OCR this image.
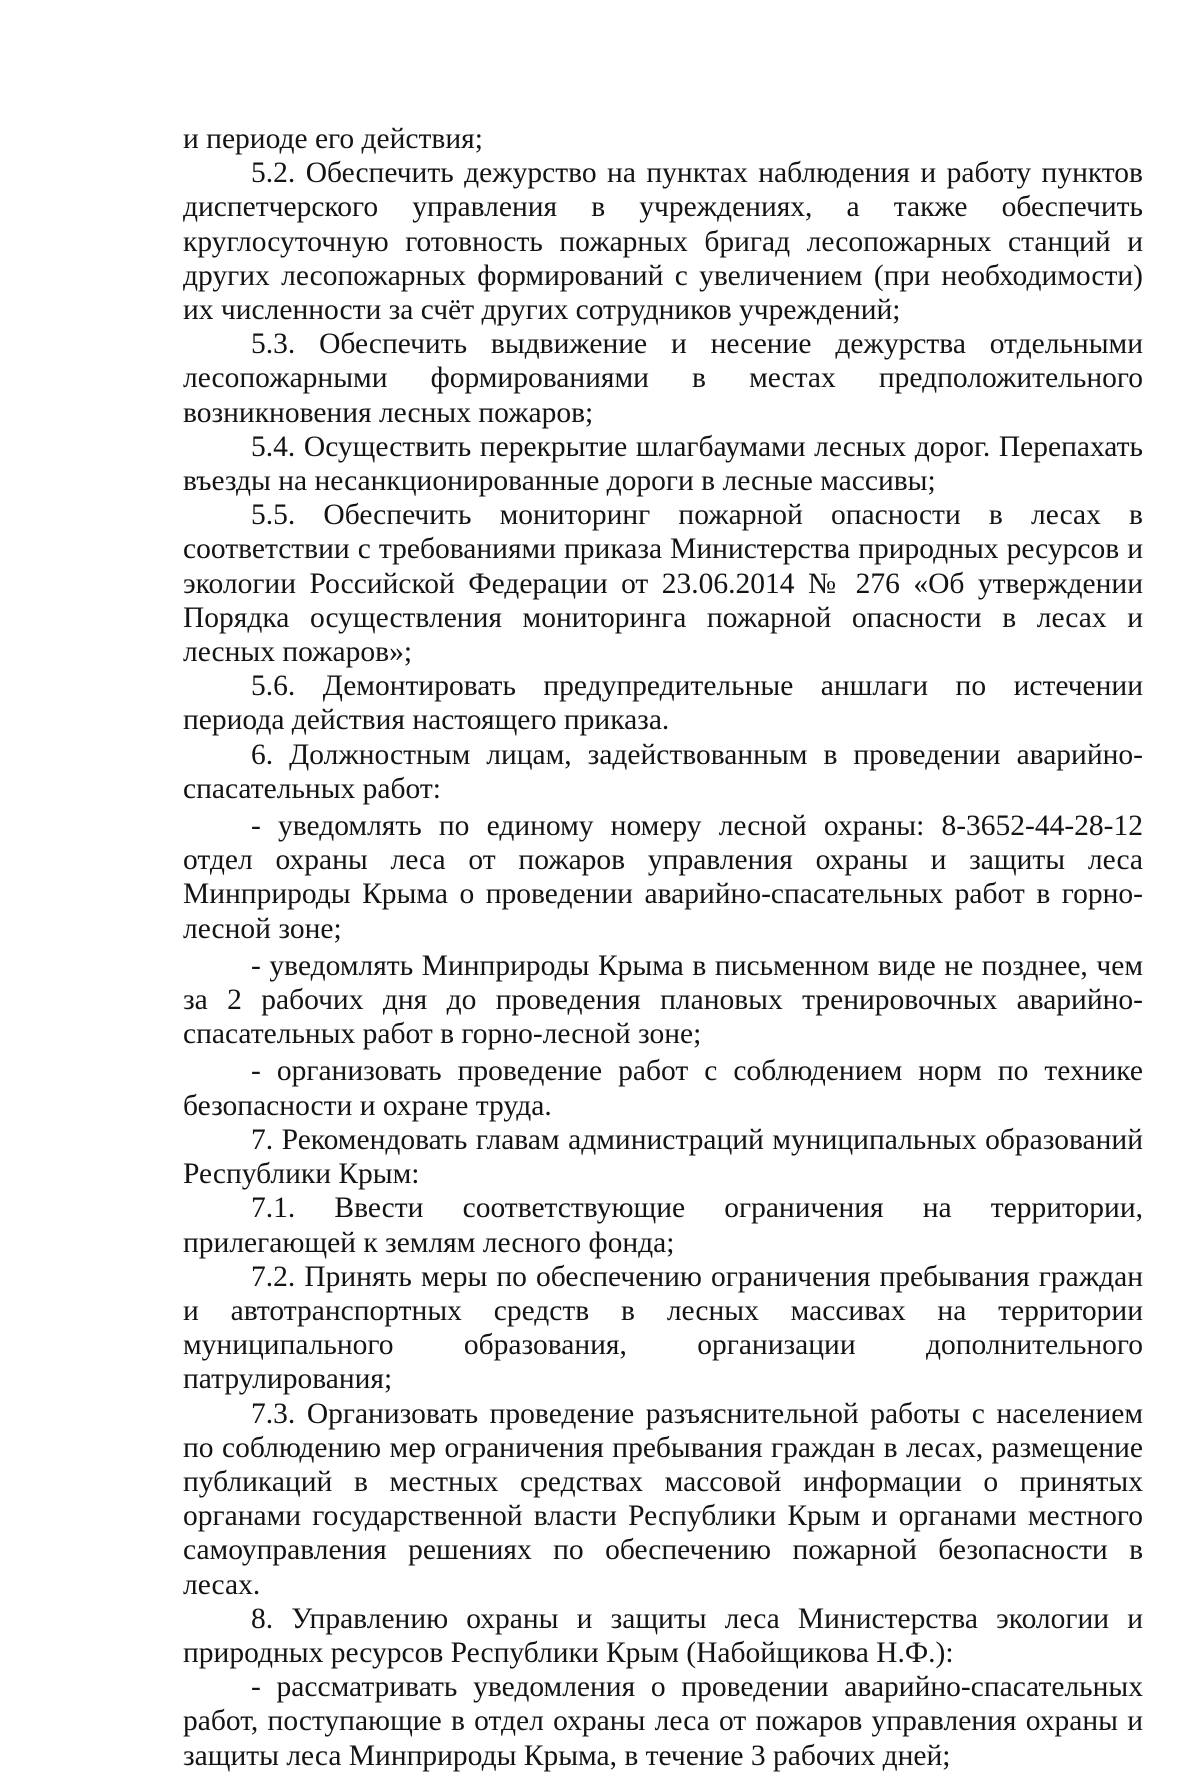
и периоде его действия;

5.2. Обеспечить дежурство на пунктах наблюдения и работу пунктов диспетчерского управления в учреждениях, а также обеспечить круглосуточную готовность пожарных бригад лесопожарных станций и других лесопожарных формирований с увеличением (при необходимости) их численности за счёт других сотрудников учреждений;

5.3. Обеспечить выдвижение и несение дежурства отдельными лесопожарными формированиями в местах предположительного возникновения лесных пожаров;

5.4. Осуществить перекрытие шлагбаумами лесных дорог. Перепахать въезды на несанкционированные дороги в лесные массивы;

5.5. Обеспечить мониторинг пожарной опасности в лесах в соответствии с требованиями приказа Министерства природных ресурсов и экологии Российской Федерации от 23.06.2014 № 276 «Об утверждении Порядка осуществления мониторинга пожарной опасности в лесах и лесных пожаров»;

5.6. Демонтировать предупредительные аншлаги по истечении периода действия настоящего приказа.

6. Должностным лицам, задействованным в проведении аварийно-спасательных работ:

- уведомлять по единому номеру лесной охраны: 8-3652-44-28-12 отдел охраны леса от пожаров управления охраны и защиты леса Минприроды Крыма о проведении аварийно-спасательных работ в горно-лесной зоне;

- уведомлять Минприроды Крыма в письменном виде не позднее, чем за 2 рабочих дня до проведения плановых тренировочных аварийно-спасательных работ в горно-лесной зоне;

- организовать проведение работ с соблюдением норм по технике безопасности и охране труда.

7. Рекомендовать главам администраций муниципальных образований Республики Крым:

7.1. Ввести соответствующие ограничения на территории, прилегающей к землям лесного фонда;

7.2. Принять меры по обеспечению ограничения пребывания граждан и автотранспортных средств в лесных массивах на территории муниципального образования, организации дополнительного патрулирования;

7.3. Организовать проведение разъяснительной работы с населением по соблюдению мер ограничения пребывания граждан в лесах, размещение публикаций в местных средствах массовой информации о принятых органами государственной власти Республики Крым и органами местного самоуправления решениях по обеспечению пожарной безопасности в лесах.

8. Управлению охраны и защиты леса Министерства экологии и природных ресурсов Республики Крым (Набойщикова Н.Ф.):

- рассматривать уведомления о проведении аварийно-спасательных работ, поступающие в отдел охраны леса от пожаров управления охраны и защиты леса Минприроды Крыма, в течение 3 рабочих дней;
